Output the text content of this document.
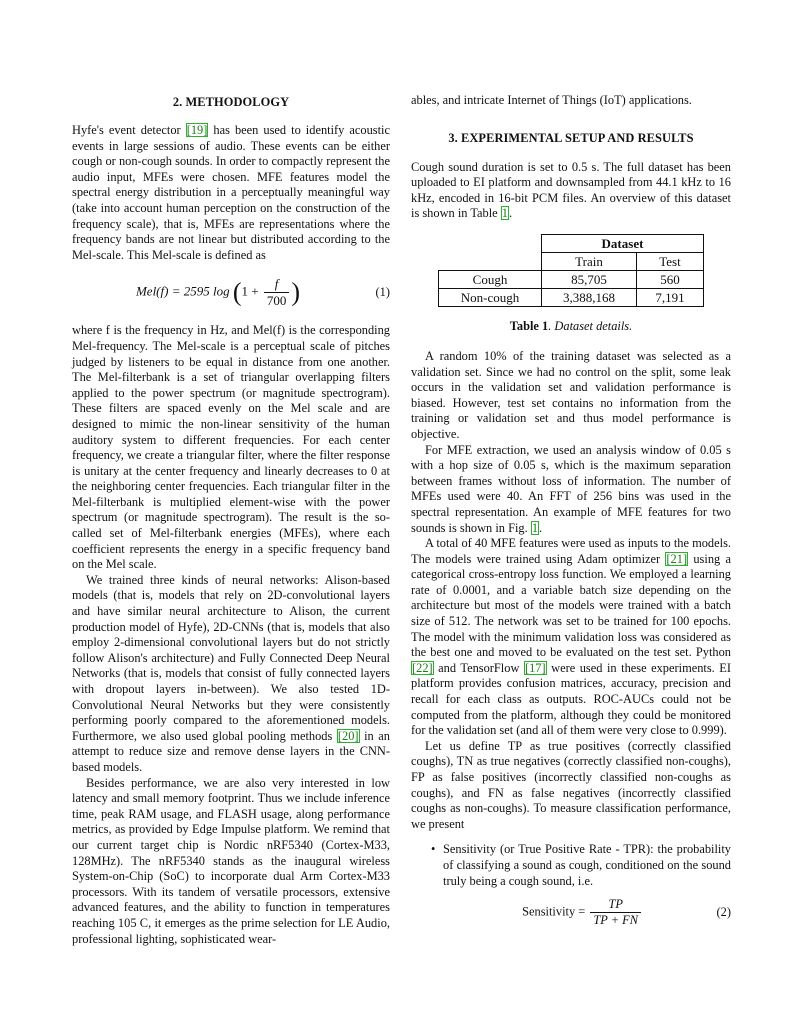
2. METHODOLOGY

Hyfe's event detector [19] has been used to identify acoustic events in large sessions of audio. These events can be either cough or non-cough sounds. In order to compactly represent the audio input, MFEs were chosen. MFE features model the spectral energy distribution in a perceptually meaningful way (take into account human perception on the construction of the frequency scale), that is, MFEs are representations where the frequency bands are not linear but distributed according to the Mel-scale. This Mel-scale is defined as

Mel(f) = 2595 $\log (1 + \frac{f}{700}$ )	(1)

where f is the frequency in Hz, and Mel(f) is the corresponding Mel-frequency. The Mel-scale is a perceptual scale of pitches judged by listeners to be equal in distance from one another. The Mel-filterbank is a set of triangular overlapping filters applied to the power spectrum (or magnitude spectrogram). These filters are spaced evenly on the Mel scale and are designed to mimic the non-linear sensitivity of the human auditory system to different frequencies. For each center frequency, we create a triangular filter, where the filter response is unitary at the center frequency and linearly decreases to 0 at the neighboring center frequencies. Each triangular filter in the Mel-filterbank is multiplied element-wise with the power spectrum (or magnitude spectrogram). The result is the so-called set of Mel-filterbank energies (MFEs), where each coefficient represents the energy in a specific frequency band on the Mel scale.

We trained three kinds of neural networks: Alison-based models (that is, models that rely on 2D-convolutional layers and have similar neural architecture to Alison, the current production model of Hyfe), 2D-CNNs (that is, models that also employ 2-dimensional convolutional layers but do not strictly follow Alison's architecture) and Fully Connected Deep Neural Networks (that is, models that consist of fully connected layers with dropout layers in-between). We also tested 1D-Convolutional Neural Networks but they were consistently performing poorly compared to the aforementioned models. Furthermore, we also used global pooling methods [20] in an attempt to reduce size and remove dense layers in the CNN-based models.

Besides performance, we are also very interested in low latency and small memory footprint. Thus we include inference time, peak RAM usage, and FLASH usage, along performance metrics, as provided by Edge Impulse platform. We remind that our current target chip is Nordic nRF5340 (Cortex-M33, 128MHz). The nRF5340 stands as the inaugural wireless System-on-Chip (SoC) to incorporate dual Arm Cortex-M33 processors. With its tandem of versatile processors, extensive advanced features, and the ability to function in temperatures reaching 105 C, it emerges as the prime selection for LE Audio, professional lighting, sophisticated wear-

ables, and intricate Internet of Things (IoT) applications.

3. EXPERIMENTAL SETUP AND RESULTS

Cough sound duration is set to 0.5 s. The full dataset has been uploaded to EI platform and downsampled from 44.1 kHz to 16 kHz, encoded in 16-bit PCM files. An overview of this dataset is shown in Table 1.

	Dataset	
	Train	Test
Cough	85,705	560
Non-cough	3,388,168	7,191
Table 1. Dataset details.

A random 10% of the training dataset was selected as a validation set. Since we had no control on the split, some leak occurs in the validation set and validation performance is biased. However, test set contains no information from the training or validation set and thus model performance is objective.

For MFE extraction, we used an analysis window of 0.05 s with a hop size of 0.05 s, which is the maximum separation between frames without loss of information. The number of MFEs used were 40. An FFT of 256 bins was used in the spectral representation. An example of MFE features for two sounds is shown in Fig. 1.

A total of 40 MFE features were used as inputs to the models. The models were trained using Adam optimizer [21] using a categorical cross-entropy loss function. We employed a learning rate of 0.0001, and a variable batch size depending on the architecture but most of the models were trained with a batch size of 512. The network was set to be trained for 100 epochs. The model with the minimum validation loss was considered as the best one and moved to be evaluated on the test set. Python [22] and TensorFlow [17] were used in these experiments. EI platform provides confusion matrices, accuracy, precision and recall for each class as outputs. ROC-AUCs could not be computed from the platform, although they could be monitored for the validation set (and all of them were very close to 0.999).

Let us define TP as true positives (correctly classified coughs), TN as true negatives (correctly classified non-coughs), FP as false positives (incorrectly classified non-coughs as coughs), and FN as false negatives (incorrectly classified coughs as non-coughs). To measure classification performance, we present

• Sensitivity (or True Positive Rate - TPR): the probability of classifying a sound as cough, conditioned on the sound truly being a cough sound, i.e.
Sensitivity = $\frac{TP}{TP + FN}$	(2)
